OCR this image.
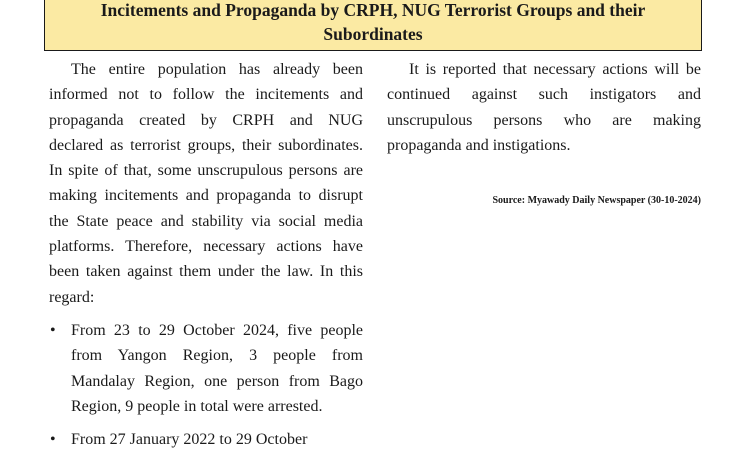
Incitements and Propaganda by CRPH, NUG Terrorist Groups and their
Subordinates

The entire population has already been informed not to follow the incitements and propaganda created by CRPH and NUG declared as terrorist groups, their subordinates. In spite of that, some unscrupulous persons are making incitements and propaganda to disrupt the State peace and stability via social media platforms. Therefore, necessary actions have been taken against them under the law. In this regard:

• From 23 to 29 October 2024, five people from Yangon Region, 3 people from Mandalay Region, one person from Bago Region, 9 people in total were arrested.
• From 27 January 2022 to 29 October

It is reported that necessary actions will be continued against such instigators and unscrupulous persons who are making propaganda and instigations.

Source: Myawady Daily Newspaper (30-10-2024)
